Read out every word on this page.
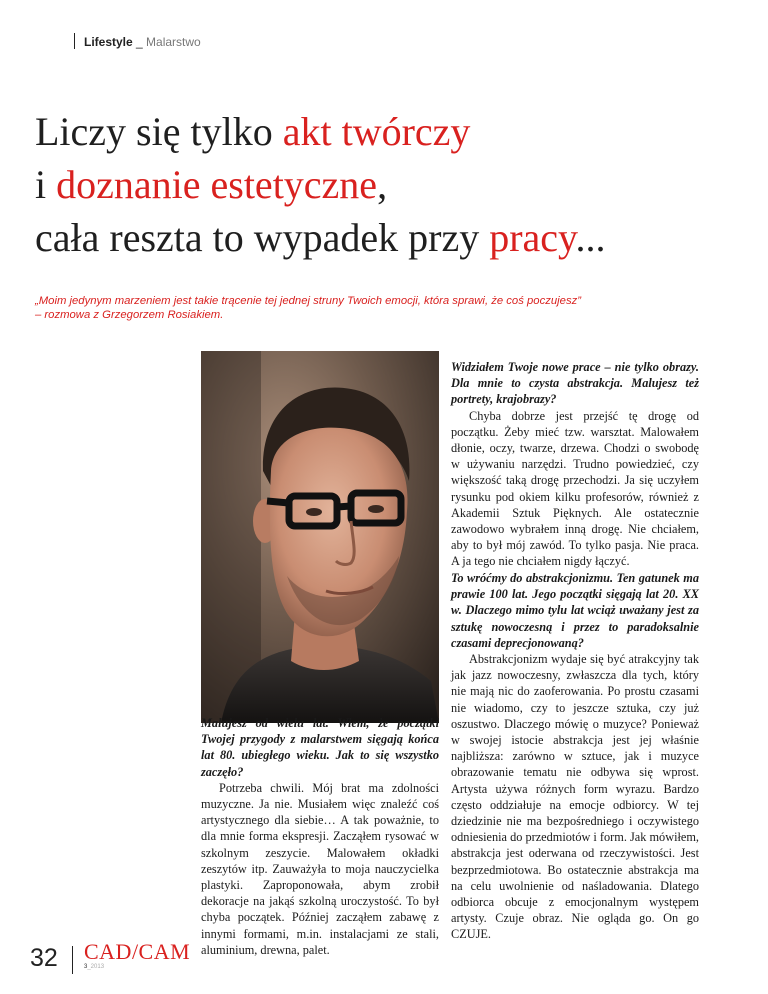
Lifestyle _ Malarstwo
Liczy się tylko akt twórczy
i doznanie estetyczne,
cała reszta to wypadek przy pracy...
„Moim jedynym marzeniem jest takie trącenie tej jednej struny Twoich emocji, która sprawi, że coś poczujesz”
– rozmowa z Grzegorzem Rosiakiem.

Malujesz od wielu lat. Wiem, że początki Twojej przygody z malarstwem sięgają końca lat 80. ubiegłego wieku. Jak to się wszystko zaczęło?

Potrzeba chwili. Mój brat ma zdolności muzyczne. Ja nie. Musiałem więc znaleźć coś artystycznego dla siebie… A tak poważnie, to dla mnie forma ekspresji. Zacząłem rysować w szkolnym zeszycie. Malowałem okładki zeszytów itp. Zauważyła to moja nauczycielka plastyki. Zaproponowała, abym zrobił dekoracje na jakąś szkolną uroczystość. To był chyba początek. Później zacząłem zabawę z innymi formami, m.in. instalacjami ze stali, aluminium, drewna, palet.

Widziałem Twoje nowe prace – nie tylko obrazy. Dla mnie to czysta abstrakcja. Malujesz też portrety, krajobrazy?

Chyba dobrze jest przejść tę drogę od początku. Żeby mieć tzw. warsztat. Malowałem dłonie, oczy, twarze, drzewa. Chodzi o swobodę w używaniu narzędzi. Trudno powiedzieć, czy większość taką drogę przechodzi. Ja się uczyłem rysunku pod okiem kilku profesorów, również z Akademii Sztuk Pięknych. Ale ostatecznie zawodowo wybrałem inną drogę. Nie chciałem, aby to był mój zawód. To tylko pasja. Nie praca. A ja tego nie chciałem nigdy łączyć.

To wróćmy do abstrakcjonizmu. Ten gatunek ma prawie 100 lat. Jego początki sięgają lat 20. XX w. Dlaczego mimo tylu lat wciąż uważany jest za sztukę nowoczesną i przez to paradoksalnie czasami deprecjonowaną?

Abstrakcjonizm wydaje się być atrakcyjny tak jak jazz nowoczesny, zwłaszcza dla tych, który nie mają nic do zaoferowania. Po prostu czasami nie wiadomo, czy to jeszcze sztuka, czy już oszustwo. Dlaczego mówię o muzyce? Ponieważ w swojej istocie abstrakcja jest jej właśnie najbliższa: zarówno w sztuce, jak i muzyce obrazowanie tematu nie odbywa się wprost. Artysta używa różnych form wyrazu. Bardzo często oddziałuje na emocje odbiorcy. W tej dziedzinie nie ma bezpośredniego i oczywistego odniesienia do przedmiotów i form. Jak mówiłem, abstrakcja jest oderwana od rzeczywistości. Jest bezprzedmiotowa. Bo ostatecznie abstrakcja ma na celu uwolnienie od naśladowania. Dlatego odbiorca obcuje z emocjonalnym występem artysty. Czuje obraz. Nie ogląda go. On go CZUJE.

32 CAD/CAM
3_2013
